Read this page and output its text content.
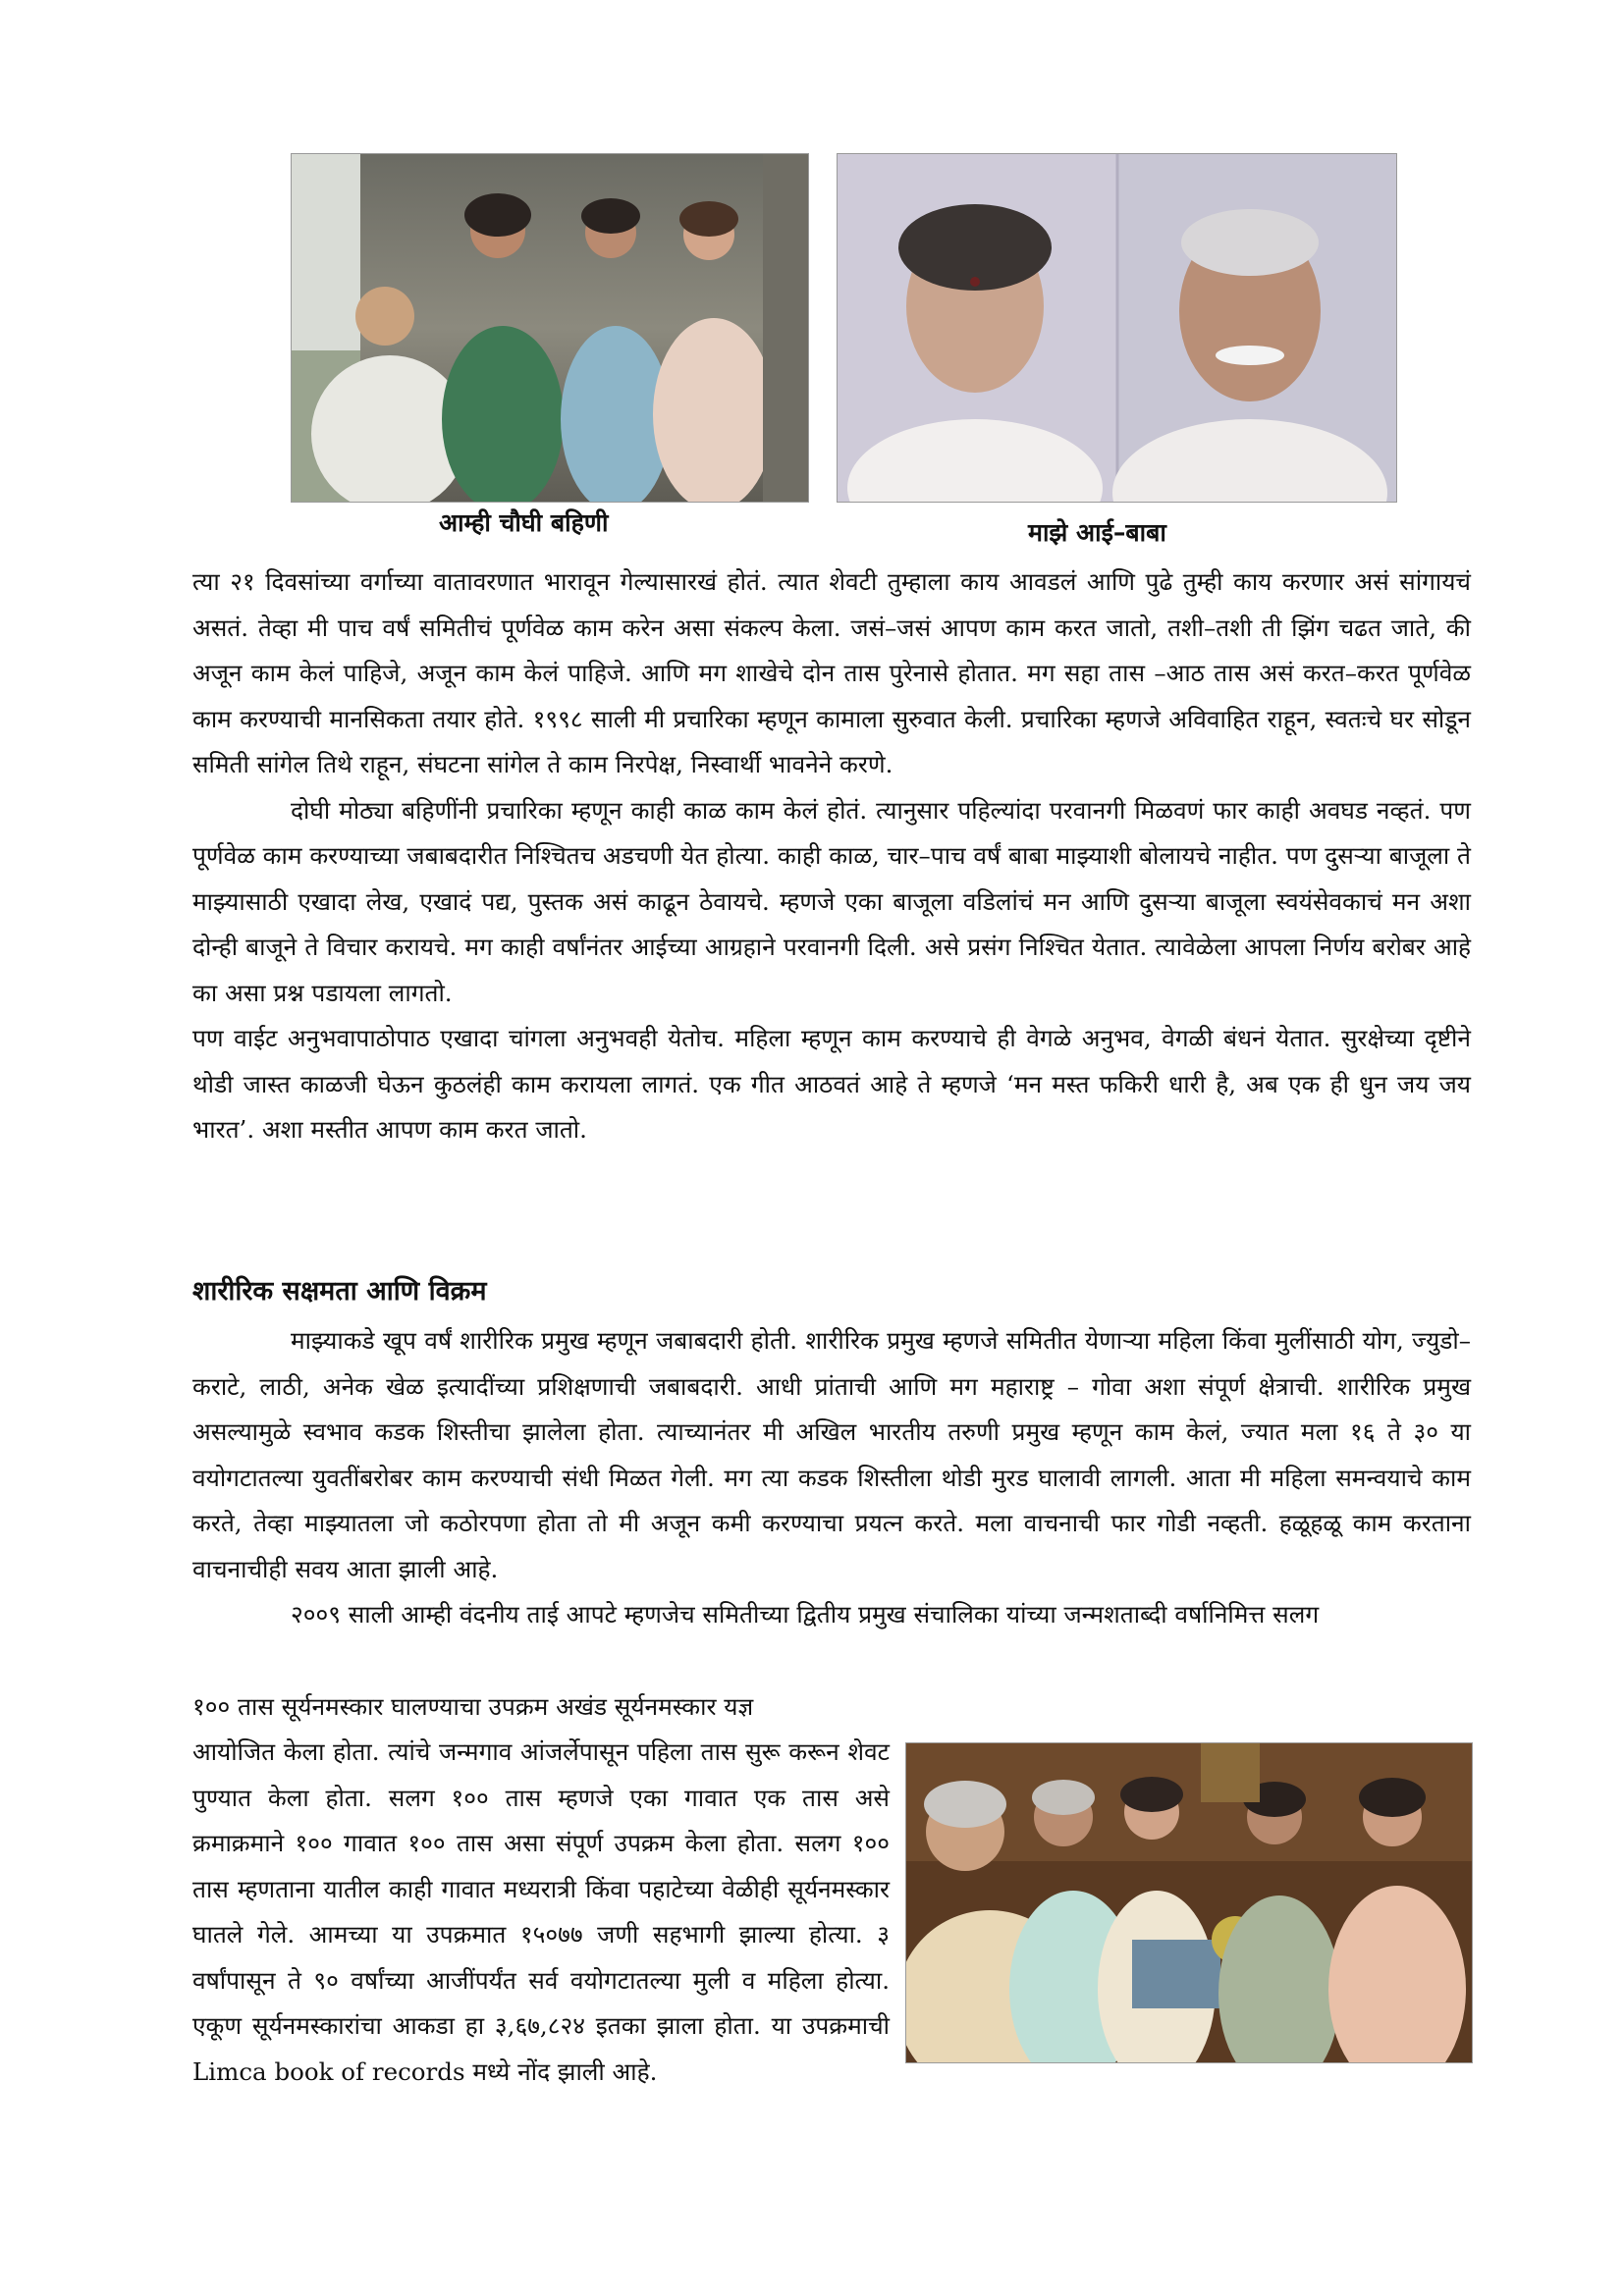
आम्ही चौघी बहिणी	माझे आई–बाबा

त्या २१ दिवसांच्या वर्गाच्या वातावरणात भारावून गेल्यासारखं होतं. त्यात शेवटी तुम्हाला काय आवडलं आणि पुढे तुम्ही काय करणार असं सांगायचं असतं. तेव्हा मी पाच वर्षं समितीचं पूर्णवेळ काम करेन असा संकल्प केला. जसं–जसं आपण काम करत जातो, तशी–तशी ती झिंग चढत जाते, की अजून काम केलं पाहिजे, अजून काम केलं पाहिजे. आणि मग शाखेचे दोन तास पुरेनासे होतात. मग सहा तास –आठ तास असं करत–करत पूर्णवेळ काम करण्याची मानसिकता तयार होते. १९९८ साली मी प्रचारिका म्हणून कामाला सुरुवात केली. प्रचारिका म्हणजे अविवाहित राहून, स्वतःचे घर सोडून समिती सांगेल तिथे राहून, संघटना सांगेल ते काम निरपेक्ष, निस्वार्थी भावनेने करणे.

दोघी मोठ्या बहिणींनी प्रचारिका म्हणून काही काळ काम केलं होतं. त्यानुसार पहिल्यांदा परवानगी मिळवणं फार काही अवघड नव्हतं. पण पूर्णवेळ काम करण्याच्या जबाबदारीत निश्चितच अडचणी येत होत्या. काही काळ, चार–पाच वर्षं बाबा माझ्याशी बोलायचे नाहीत. पण दुसऱ्या बाजूला ते माझ्यासाठी एखादा लेख, एखादं पद्य, पुस्तक असं काढून ठेवायचे. म्हणजे एका बाजूला वडिलांचं मन आणि दुसऱ्या बाजूला स्वयंसेवकाचं मन अशा दोन्ही बाजूने ते विचार करायचे. मग काही वर्षांनंतर आईच्या आग्रहाने परवानगी दिली. असे प्रसंग निश्चित येतात. त्यावेळेला आपला निर्णय बरोबर आहे का असा प्रश्न पडायला लागतो.

पण वाईट अनुभवापाठोपाठ एखादा चांगला अनुभवही येतोच. महिला म्हणून काम करण्याचे ही वेगळे अनुभव, वेगळी बंधनं येतात. सुरक्षेच्या दृष्टीने थोडी जास्त काळजी घेऊन कुठलंही काम करायला लागतं. एक गीत आठवतं आहे ते म्हणजे ‘मन मस्त फकिरी धारी है, अब एक ही धुन जय जय भारत’. अशा मस्तीत आपण काम करत जातो.

शारीरिक सक्षमता आणि विक्रम

माझ्याकडे खूप वर्षं शारीरिक प्रमुख म्हणून जबाबदारी होती. शारीरिक प्रमुख म्हणजे समितीत येणाऱ्या महिला किंवा मुलींसाठी योग, ज्युडो–कराटे, लाठी, अनेक खेळ इत्यादींच्या प्रशिक्षणाची जबाबदारी. आधी प्रांताची आणि मग महाराष्ट्र – गोवा अशा संपूर्ण क्षेत्राची. शारीरिक प्रमुख असल्यामुळे स्वभाव कडक शिस्तीचा झालेला होता. त्याच्यानंतर मी अखिल भारतीय तरुणी प्रमुख म्हणून काम केलं, ज्यात मला १६ ते ३० या वयोगटातल्या युवतींबरोबर काम करण्याची संधी मिळत गेली. मग त्या कडक शिस्तीला थोडी मुरड घालावी लागली. आता मी महिला समन्वयाचे काम करते, तेव्हा माझ्यातला जो कठोरपणा होता तो मी अजून कमी करण्याचा प्रयत्न करते. मला वाचनाची फार गोडी नव्हती. हळूहळू काम करताना वाचनाचीही सवय आता झाली आहे.

२००९ साली आम्ही वंदनीय ताई आपटे म्हणजेच समितीच्या द्वितीय प्रमुख संचालिका यांच्या जन्मशताब्दी वर्षानिमित्त सलग

१०० तास सूर्यनमस्कार घालण्याचा उपक्रम अखंड सूर्यनमस्कार यज्ञ
आयोजित केला होता. त्यांचे जन्मगाव आंजर्लेपासून पहिला तास सुरू करून शेवट पुण्यात केला होता. सलग १०० तास म्हणजे एका गावात एक तास असे क्रमाक्रमाने १०० गावात १०० तास असा संपूर्ण उपक्रम केला होता. सलग १०० तास म्हणताना यातील काही गावात मध्यरात्री किंवा पहाटेच्या वेळीही सूर्यनमस्कार घातले गेले. आमच्या या उपक्रमात १५०७७ जणी सहभागी झाल्या होत्या. ३ वर्षांपासून ते ९० वर्षांच्या आजींपर्यंत सर्व वयोगटातल्या मुली व महिला होत्या. एकूण सूर्यनमस्कारांचा आकडा हा ३,६७,८२४ इतका झाला होता. या उपक्रमाची Limca book of records मध्ये नोंद झाली आहे.
